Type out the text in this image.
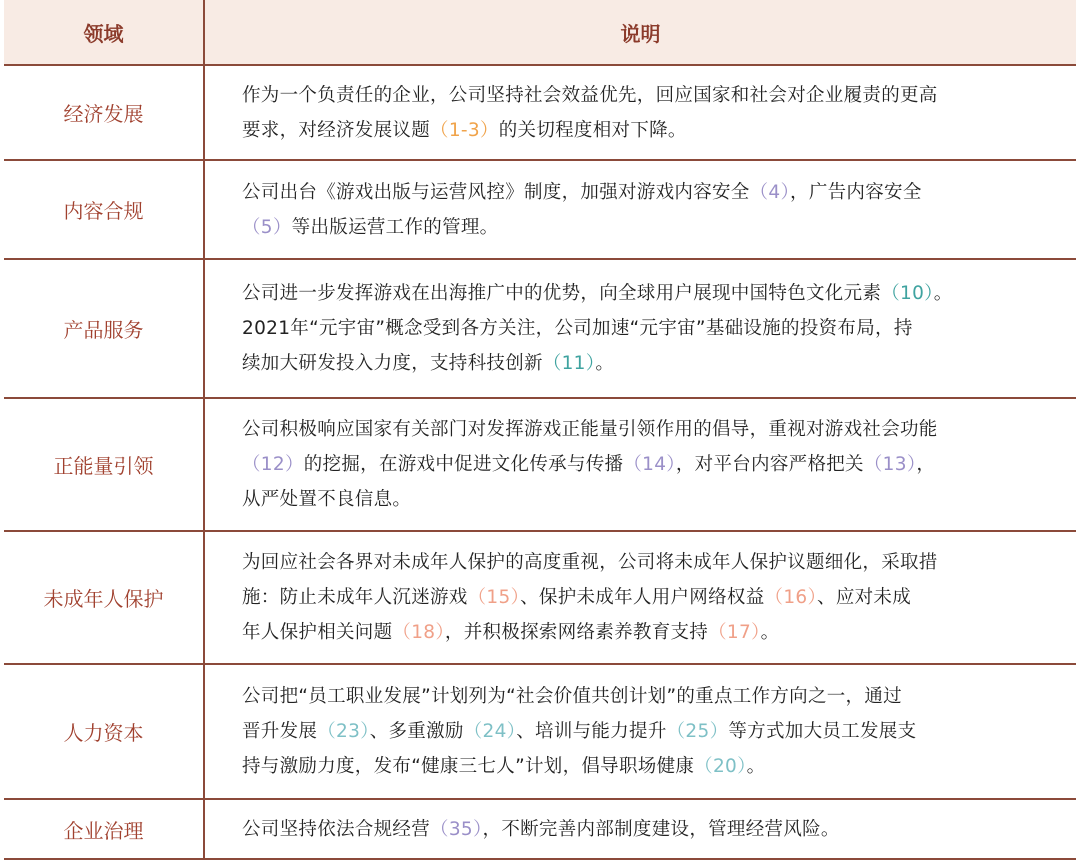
领域	说明
经济发展	作为一个负责任的企业，公司坚持社会效益优先，回应国家和社会对企业履责的更高
要求，对经济发展议题（1-3）的关切程度相对下降。

内容合规	公司出台《游戏出版与运营风控》制度，加强对游戏内容安全（4），广告内容安全
（5）等出版运营工作的管理。

产品服务	公司进一步发挥游戏在出海推广中的优势，向全球用户展现中国特色文化元素（10）。
2021年“元宇宙”概念受到各方关注，公司加速“元宇宙”基础设施的投资布局，持
续加大研发投入力度，支持科技创新（11）。

正能量引领	公司积极响应国家有关部门对发挥游戏正能量引领作用的倡导，重视对游戏社会功能
（12）的挖掘，在游戏中促进文化传承与传播（14），对平台内容严格把关（13），
从严处置不良信息。

未成年人保护	为回应社会各界对未成年人保护的高度重视，公司将未成年人保护议题细化，采取措
施：防止未成年人沉迷游戏（15）、保护未成年人用户网络权益（16）、应对未成
年人保护相关问题（18），并积极探索网络素养教育支持（17）。

人力资本	公司把“员工职业发展”计划列为“社会价值共创计划”的重点工作方向之一，通过
晋升发展（23）、多重激励（24）、培训与能力提升（25）等方式加大员工发展支
持与激励力度，发布“健康三七人”计划，倡导职场健康（20）。

企业治理	公司坚持依法合规经营（35），不断完善内部制度建设，管理经营风险。
